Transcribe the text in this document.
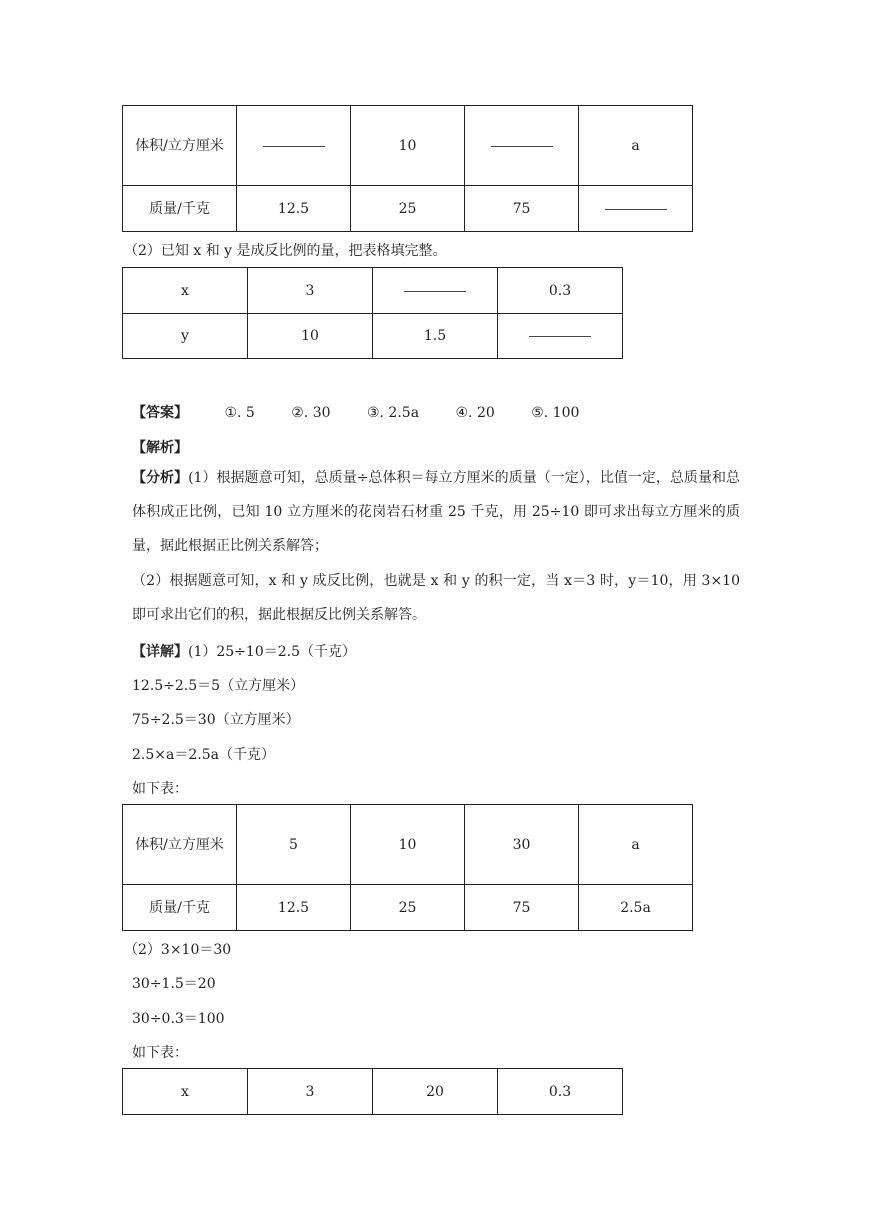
体积/立方厘米		10		a
质量/千克	12.5	25	75	
（2）已知 x 和 y 是成反比例的量，把表格填完整。
x	3		0.3
y	10	1.5	
【答案】	①. 5	②. 30	③. 2.5a	④. 20	⑤. 100
【解析】
【分析】(1）根据题意可知，总质量÷总体积＝每立方厘米的质量（一定），比值一定，总质量和总体积成正比例，已知 10 立方厘米的花岗岩石材重 25 千克，用 25÷10 即可求出每立方厘米的质量，据此根据正比例关系解答；
（2）根据题意可知，x 和 y 成反比例，也就是 x 和 y 的积一定，当 x＝3 时，y＝10，用 3×10 即可求出它们的积，据此根据反比例关系解答。
【详解】(1）25÷10＝2.5（千克）
12.5÷2.5＝5（立方厘米）
75÷2.5＝30（立方厘米）
2.5×a＝2.5a（千克）
如下表：
体积/立方厘米	5	10	30	a
质量/千克	12.5	25	75	2.5a
（2）3×10＝30
30÷1.5＝20
30÷0.3＝100
如下表：
x	3	20	0.3
